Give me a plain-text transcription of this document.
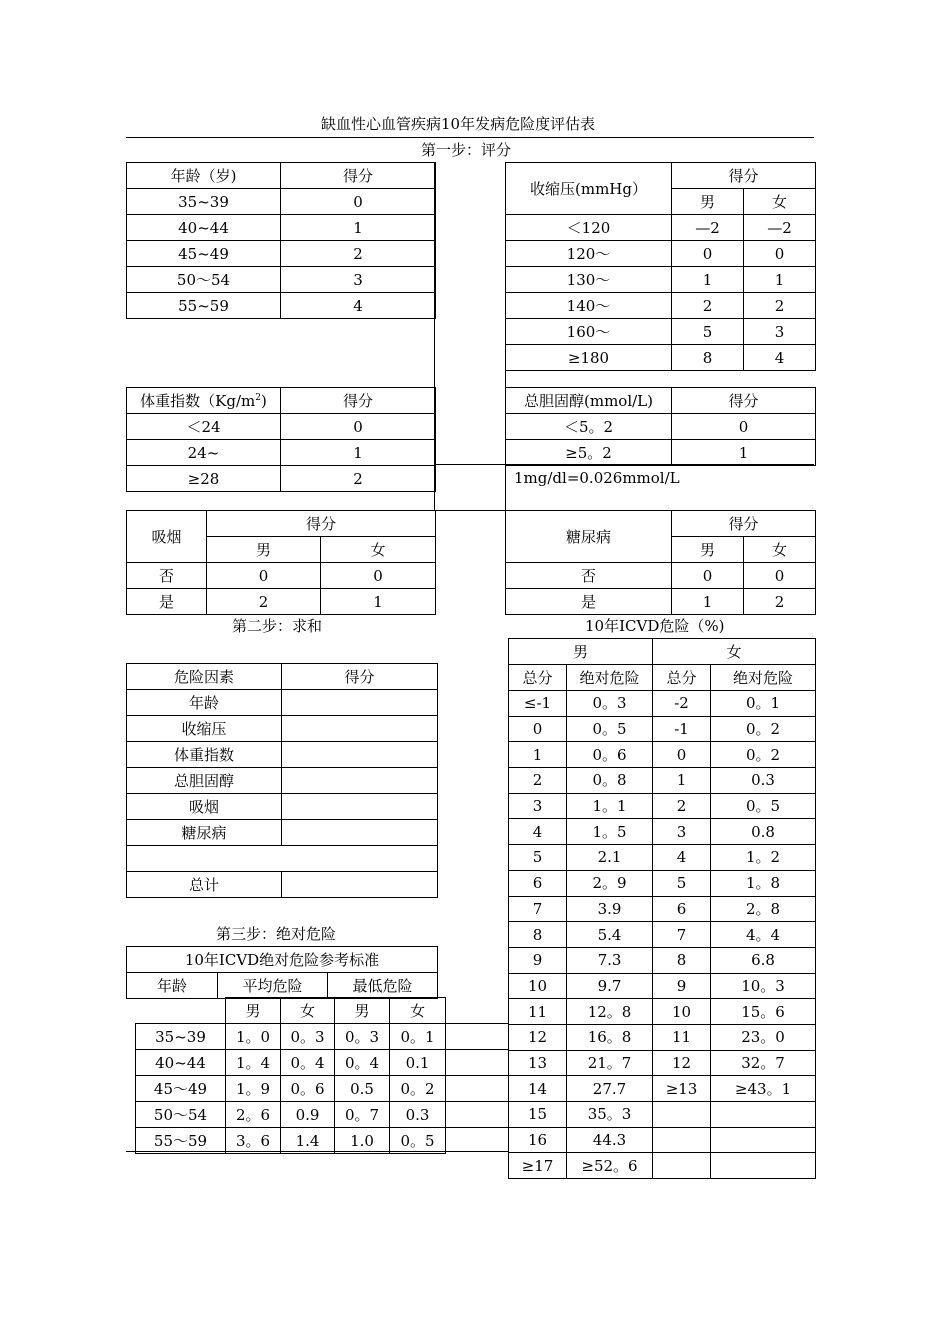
缺血性心血管疾病10年发病危险度评估表
第一步：评分
年龄（岁)	得分
35~39	0
40~44	1
45~49	2
50～54	3
55~59	4
收缩压(mmHg）	得分	
	男	女
＜120	—2	—2
120～	0	0
130～	1	1
140～	2	2
160～	5	3
≥180	8	4
体重指数$(Kg/m^2)$	得分
＜24	0
24~	1
≥28	2
总胆固醇(mmol/L)	得分
＜5。2	0
≥5。2	1
1mg/dl=0.026mmol/L
吸烟	得分	
	男	女
否	0	0
是	2	1
糖尿病	得分	
	男	女
否	0	0
是	1	2
第二步：求和	10年ICVD危险（%)
危险因素	得分
年龄	
收缩压	
体重指数	
总胆固醇	
吸烟	
糖尿病	

总计	
第三步：绝对危险
10年ICVD绝对危险参考标准
年龄	平均危险	最低危险
	男	女	男	女	
35~39	1。0	0。3	0。3	0。1	
40~44	1。4	0。4	0。4	0.1	
45～49	1。9	0。6	0.5	0。2	
50～54	2。6	0.9	0。7	0.3	
55～59	3。6	1.4	1.0	0。5	
男		女	
总分	绝对危险	总分	绝对危险
≤-1	0。3	-2	0。1
0	0。5	-1	0。2
1	0。6	0	0。2
2	0。8	1	0.3
3	1。1	2	0。5
4	1。5	3	0.8
5	2.1	4	1。2
6	2。9	5	1。8
7	3.9	6	2。8
8	5.4	7	4。4
9	7.3	8	6.8
10	9.7	9	10。3
11	12。8	10	15。6
12	16。8	11	23。0
13	21。7	12	32。7
14	27.7	≥13	≥43。1
15	35。3		
16	44.3		
≥17	≥52。6		
